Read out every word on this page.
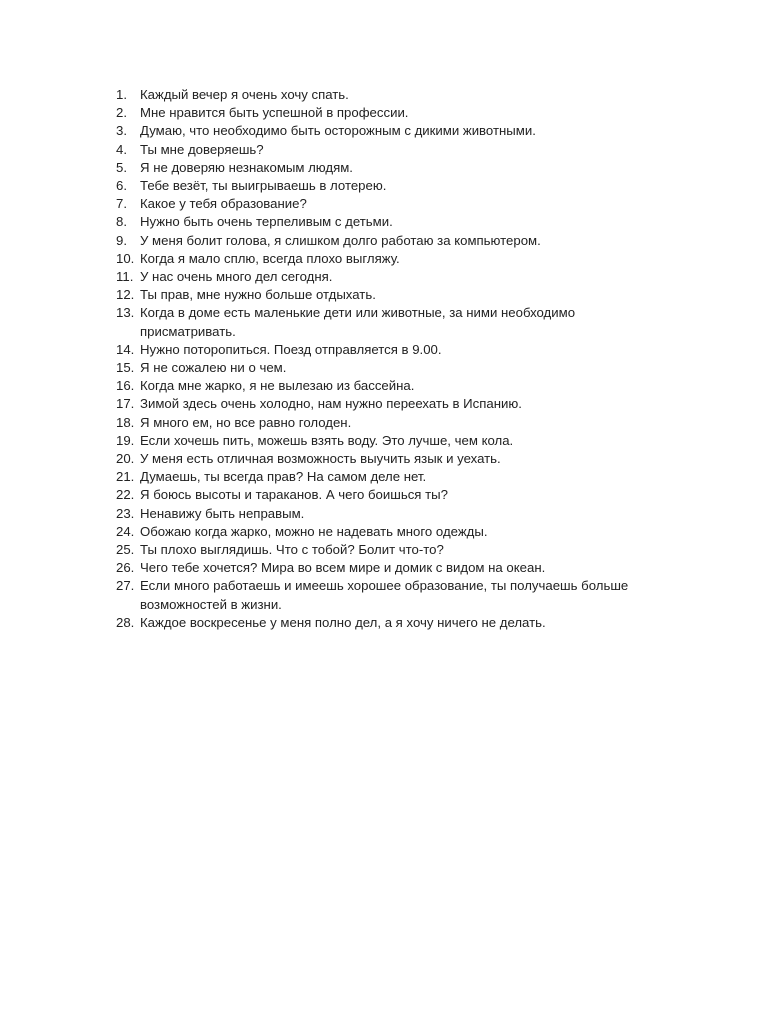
1. Каждый вечер я очень хочу спать.
2. Мне нравится быть успешной в профессии.
3. Думаю, что необходимо быть осторожным с дикими животными.
4. Ты мне доверяешь?
5. Я не доверяю незнакомым людям.
6. Тебе везёт, ты выигрываешь в лотерею.
7. Какое у тебя образование?
8. Нужно быть очень терпеливым с детьми.
9. У меня болит голова, я слишком долго работаю за компьютером.
10. Когда я мало сплю, всегда плохо выгляжу.
11. У нас очень много дел сегодня.
12. Ты прав, мне нужно больше отдыхать.
13. Когда в доме есть маленькие дети или животные, за ними необходимо
присматривать.
14. Нужно поторопиться. Поезд отправляется в 9.00.
15. Я не сожалею ни о чем.
16. Когда мне жарко, я не вылезаю из бассейна.
17. Зимой здесь очень холодно, нам нужно переехать в Испанию.
18. Я много ем, но все равно голоден.
19. Если хочешь пить, можешь взять воду. Это лучше, чем кола.
20. У меня есть отличная возможность выучить язык и уехать.
21. Думаешь, ты всегда прав? На самом деле нет.
22. Я боюсь высоты и тараканов. А чего боишься ты?
23. Ненавижу быть неправым.
24. Обожаю когда жарко, можно не надевать много одежды.
25. Ты плохо выглядишь. Что с тобой? Болит что-то?
26. Чего тебе хочется? Мира во всем мире и домик с видом на океан.
27. Если много работаешь и имеешь хорошее образование, ты получаешь больше
возможностей в жизни.
28. Каждое воскресенье у меня полно дел, а я хочу ничего не делать.
